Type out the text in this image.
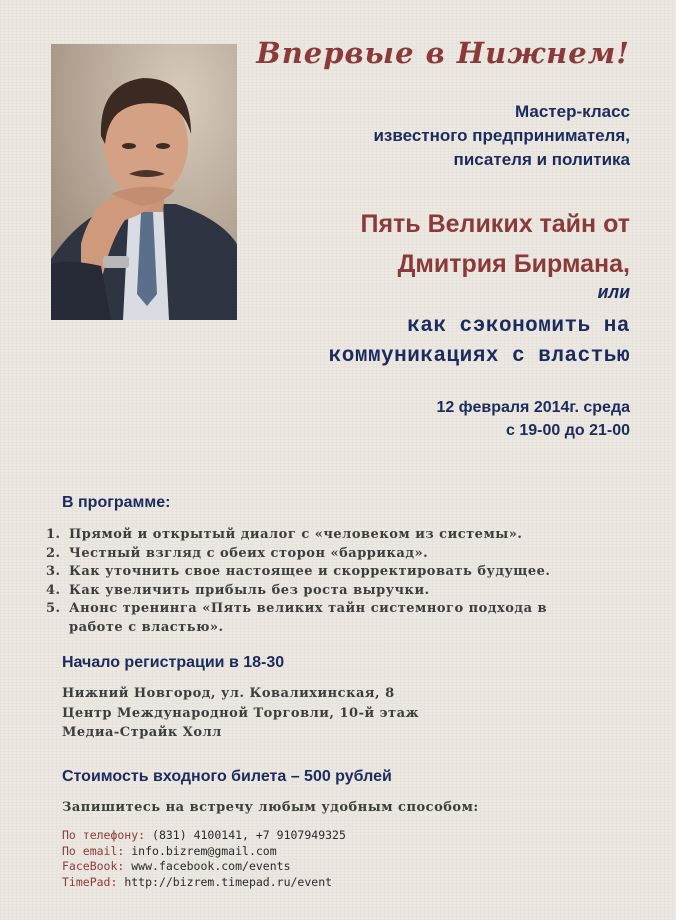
Впервые в Нижнем!
Мастер-класс
известного предпринимателя,
писателя и политика
Пять Великих тайн от
Дмитрия Бирмана,
или
как сэкономить на
коммуникациях с властью
12 февраля 2014г. среда
с 19-00 до 21-00
В программе:
1. Прямой и открытый диалог с «человеком из системы».
2. Честный взгляд с обеих сторон «баррикад».
3. Как уточнить свое настоящее и скорректировать будущее.
4. Как увеличить прибыль без роста выручки.
5. Анонс тренинга «Пять великих тайн системного подхода в
работе с властью».
Начало регистрации в 18-30
Нижний Новгород, ул. Ковалихинская, 8
Центр Международной Торговли, 10-й этаж
Медиа-Страйк Холл
Стоимость входного билета – 500 рублей
Запишитесь на встречу любым удобным способом:
По телефону: (831) 4100141, +7 9107949325
По email: info.bizrem@gmail.com
FaceBook: www.facebook.com/events
TimePad: http://bizrem.timepad.ru/event
